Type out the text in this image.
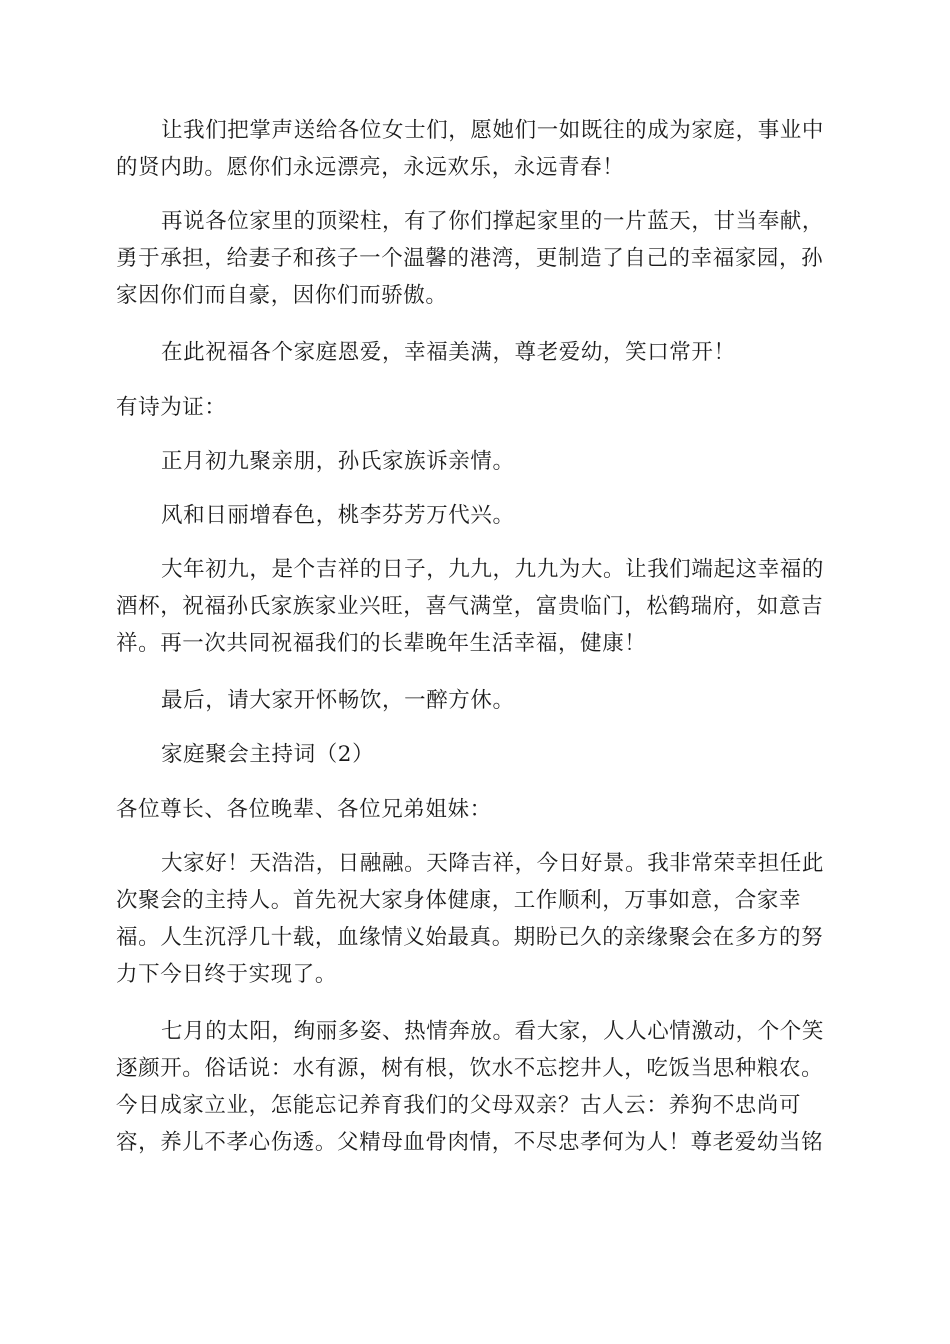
让我们把掌声送给各位女士们，愿她们一如既往的成为家庭，事业中
的贤内助。愿你们永远漂亮，永远欢乐，永远青春！
再说各位家里的顶梁柱，有了你们撑起家里的一片蓝天，甘当奉献，
勇于承担，给妻子和孩子一个温馨的港湾，更制造了自己的幸福家园，孙
家因你们而自豪，因你们而骄傲。
在此祝福各个家庭恩爱，幸福美满，尊老爱幼，笑口常开！
有诗为证：
正月初九聚亲朋，孙氏家族诉亲情。
风和日丽增春色，桃李芬芳万代兴。
大年初九，是个吉祥的日子，九九，九九为大。让我们端起这幸福的
酒杯，祝福孙氏家族家业兴旺，喜气满堂，富贵临门，松鹤瑞府，如意吉
祥。再一次共同祝福我们的长辈晚年生活幸福，健康！
最后，请大家开怀畅饮，一醉方休。
家庭聚会主持词（2）
各位尊长、各位晚辈、各位兄弟姐妹：
大家好！天浩浩，日融融。天降吉祥，今日好景。我非常荣幸担任此
次聚会的主持人。首先祝大家身体健康，工作顺利，万事如意，合家幸
福。人生沉浮几十载，血缘情义始最真。期盼已久的亲缘聚会在多方的努
力下今日终于实现了。
七月的太阳，绚丽多姿、热情奔放。看大家，人人心情激动，个个笑
逐颜开。俗话说：水有源，树有根，饮水不忘挖井人，吃饭当思种粮农。
今日成家立业，怎能忘记养育我们的父母双亲？古人云：养狗不忠尚可
容，养儿不孝心伤透。父精母血骨肉情，不尽忠孝何为人！尊老爱幼当铭
